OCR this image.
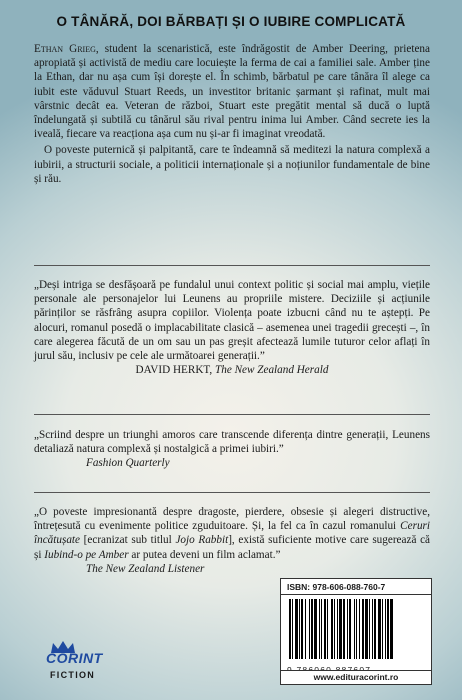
O TÂNĂRĂ, DOI BĂRBAȚI ȘI O IUBIRE COMPLICATĂ

Ethan Grieg, student la scenaristică, este îndrăgostit de Amber Deering, prietena apropiată și activistă de mediu care locuiește la ferma de cai a familiei sale. Amber ține la Ethan, dar nu așa cum își dorește el. În schimb, bărbatul pe care tânăra îl alege ca iubit este văduvul Stuart Reeds, un investitor britanic șarmant și rafinat, mult mai vârstnic decât ea. Veteran de război, Stuart este pregătit mental să ducă o luptă îndelungată și subtilă cu tânărul său rival pentru inima lui Amber. Când secrete ies la iveală, fiecare va reacționa așa cum nu și-ar fi imaginat vreodată.

O poveste puternică și palpitantă, care te îndeamnă să meditezi la natura complexă a iubirii, a structurii sociale, a politicii internaționale și a noțiunilor fundamentale de bine și rău.

„Deși intriga se desfășoară pe fundalul unui context politic și social mai amplu, viețile personale ale personajelor lui Leunens au propriile mistere. Deciziile și acțiunile părinților se răsfrâng asupra copiilor. Violența poate izbucni când nu te aștepți. Pe alocuri, romanul posedă o implacabilitate clasică – asemenea unei tragedii grecești –, în care alegerea făcută de un om sau un pas greșit afectează lumile tuturor celor aflați în jurul său, inclusiv pe cele ale următoarei generații.”

DAVID HERKT, The New Zealand Herald

„Scriind despre un triunghi amoros care transcende diferența dintre generații, Leunens detaliază natura complexă și nostalgică a primei iubiri.”

Fashion Quarterly

„O poveste impresionantă despre dragoste, pierdere, obsesie și alegeri distructive, întrețesută cu evenimente politice zguduitoare. Și, la fel ca în cazul romanului Ceruri încătușate [ecranizat sub titlul Jojo Rabbit], există suficiente motive care sugerează că și Iubind-o pe Amber ar putea deveni un film aclamat.”

The New Zealand Listener

CORINT
FICTION
ISBN: 978-606-088-760-7
www.edituracorint.ro
